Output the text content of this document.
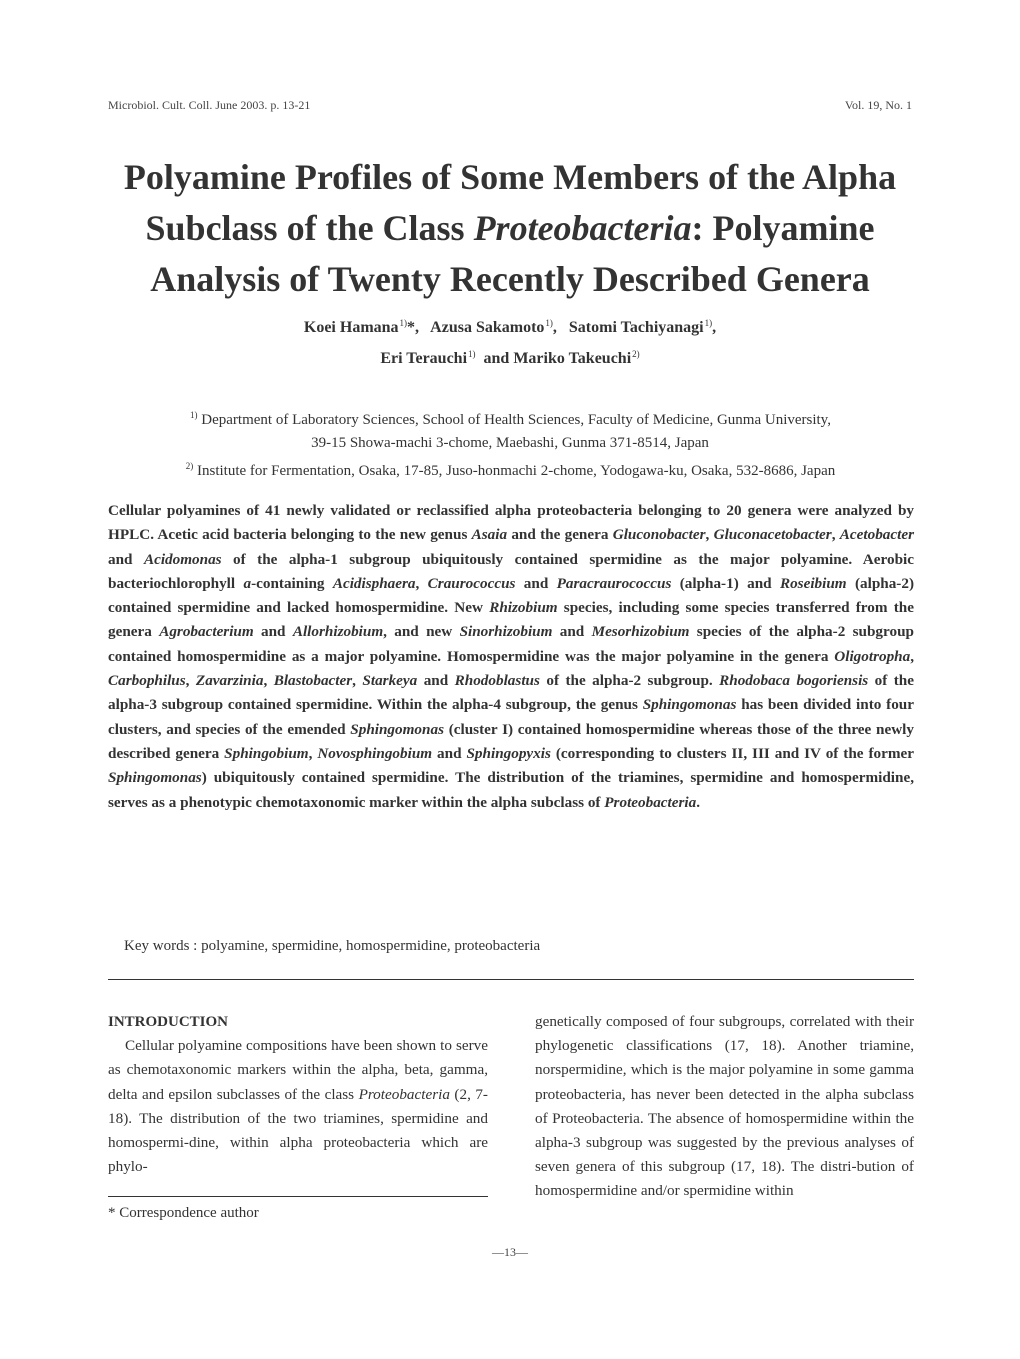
Microbiol. Cult. Coll. June 2003. p. 13-21	Vol. 19, No. 1
Polyamine Profiles of Some Members of the Alpha Subclass of the Class Proteobacteria: Polyamine Analysis of Twenty Recently Described Genera
Koei Hamana$^{1)}$*, Azusa Sakamoto$^{1)}$,   Satomi Tachiyanagi$^{1)}$,
Eri Terauchi$^{1)}$ and Mariko Takeuchi$^{2)}$
$^{1)}$ Department of Laboratory Sciences, School of Health Sciences, Faculty of Medicine, Gunma University,
39-15 Showa-machi 3-chome, Maebashi, Gunma 371-8514, Japan
$^{2)}$ Institute for Fermentation, Osaka, 17-85, Juso-honmachi 2-chome, Yodogawa-ku, Osaka, 532-8686, Japan
Cellular polyamines of 41 newly validated or reclassified alpha proteobacteria belonging to 20 genera were analyzed by HPLC. Acetic acid bacteria belonging to the new genus Asaia and the genera Gluconobacter, Gluconacetobacter, Acetobacter and Acidomonas of the alpha-1 subgroup ubiquitously contained spermidine as the major polyamine. Aerobic bacteriochlorophyll a-containing Acidisphaera, Craurococcus and Paracraurococcus (alpha-1) and Roseibium (alpha-2) contained spermidine and lacked homospermidine. New Rhizobium species, including some species transferred from the genera Agrobacterium and Allorhizobium, and new Sinorhizobium and Mesorhizobium species of the alpha-2 subgroup contained homospermidine as a major polyamine. Homospermidine was the major polyamine in the genera Oligotropha, Carbophilus, Zavarzinia, Blastobacter, Starkeya and Rhodoblastus of the alpha-2 subgroup. Rhodobaca bogoriensis of the alpha-3 subgroup contained spermidine. Within the alpha-4 subgroup, the genus Sphingomonas has been divided into four clusters, and species of the emended Sphingomonas (cluster I) contained homospermidine whereas those of the three newly described genera Sphingobium, Novosphingobium and Sphingopyxis (corresponding to clusters II, III and IV of the former Sphingomonas) ubiquitously contained spermidine. The distribution of the triamines, spermidine and homospermidine, serves as a phenotypic chemotaxonomic marker within the alpha subclass of Proteobacteria.
Key words : polyamine, spermidine, homospermidine, proteobacteria

INTRODUCTION

Cellular polyamine compositions have been shown to serve as chemotaxonomic markers within the alpha, beta, gamma, delta and epsilon subclasses of the class Proteobacteria (2, 7-18). The distribution of the two triamines, spermidine and homospermi-dine, within alpha proteobacteria which are phylo-

genetically composed of four subgroups, correlated with their phylogenetic classifications (17, 18). Another triamine, norspermidine, which is the major polyamine in some gamma proteobacteria, has never been detected in the alpha subclass of Proteobacteria. The absence of homospermidine within the alpha-3 subgroup was suggested by the previous analyses of seven genera of this subgroup (17, 18). The distri-bution of homospermidine and/or spermidine within

* Correspondence author
—13—
